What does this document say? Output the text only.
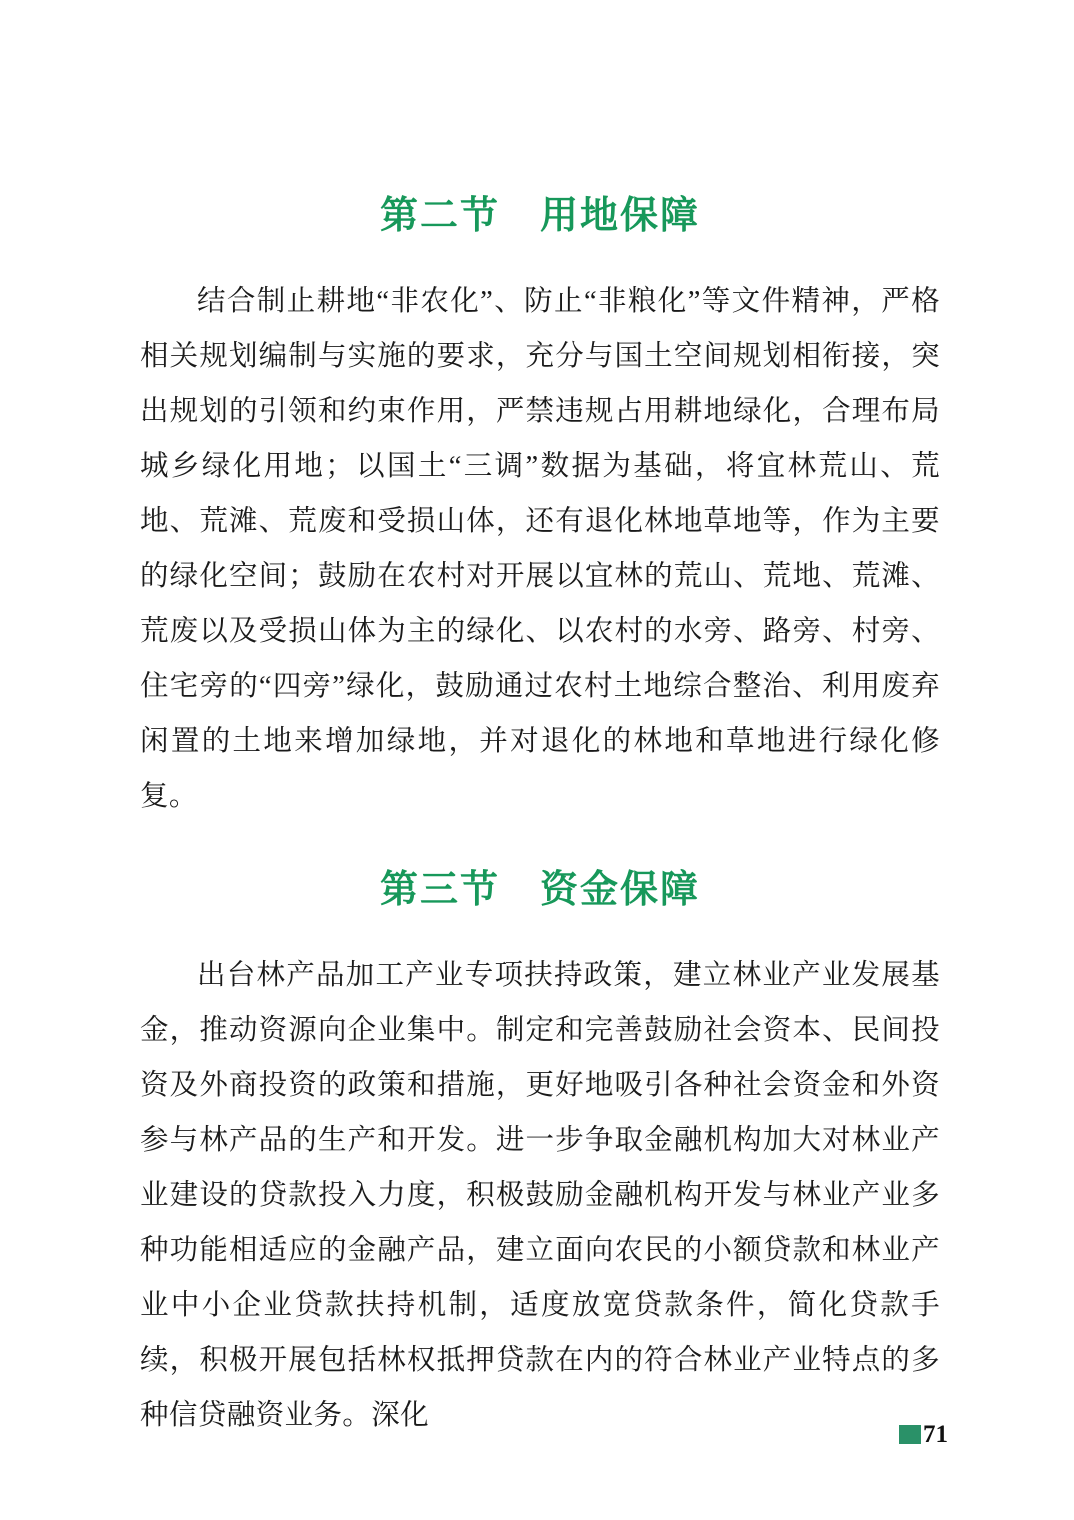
第二节　用地保障

结合制止耕地“非农化”、防止“非粮化”等文件精神，严格相关规划编制与实施的要求，充分与国土空间规划相衔接，突出规划的引领和约束作用，严禁违规占用耕地绿化，合理布局城乡绿化用地；以国土“三调”数据为基础，将宜林荒山、荒地、荒滩、荒废和受损山体，还有退化林地草地等，作为主要的绿化空间；鼓励在农村对开展以宜林的荒山、荒地、荒滩、荒废以及受损山体为主的绿化、以农村的水旁、路旁、村旁、住宅旁的“四旁”绿化，鼓励通过农村土地综合整治、利用废弃闲置的土地来增加绿地，并对退化的林地和草地进行绿化修复。

第三节　资金保障

出台林产品加工产业专项扶持政策，建立林业产业发展基金，推动资源向企业集中。制定和完善鼓励社会资本、民间投资及外商投资的政策和措施，更好地吸引各种社会资金和外资参与林产品的生产和开发。进一步争取金融机构加大对林业产业建设的贷款投入力度，积极鼓励金融机构开发与林业产业多种功能相适应的金融产品，建立面向农民的小额贷款和林业产业中小企业贷款扶持机制，适度放宽贷款条件，简化贷款手续，积极开展包括林权抵押贷款在内的符合林业产业特点的多种信贷融资业务。深化

71
